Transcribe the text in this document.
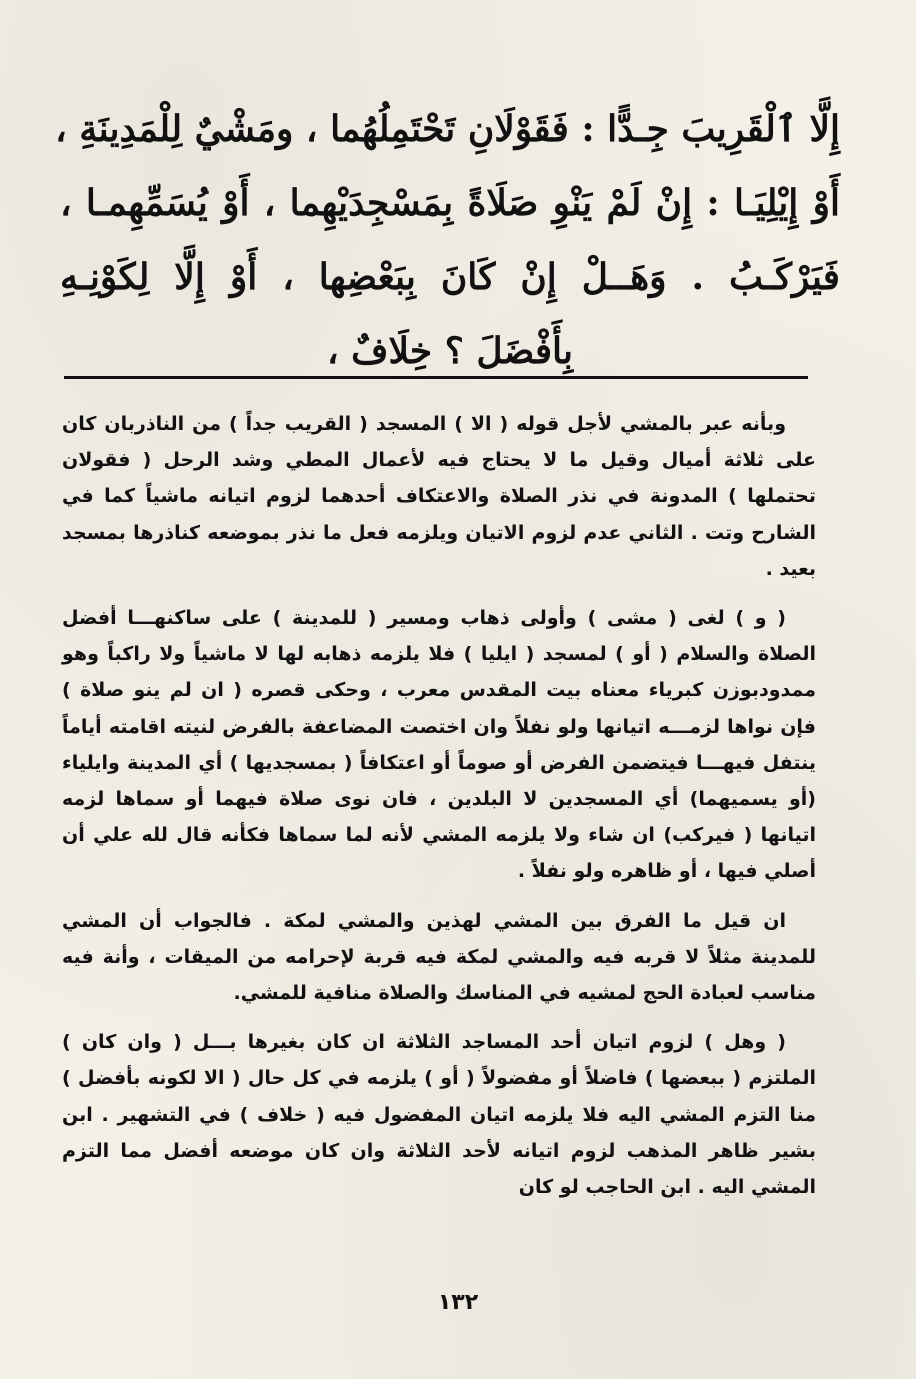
إِلَّا ٱلْقَرِيبَ جِـدًّا : فَقَوْلَانِ تَحْتَمِلُهُما ، ومَشْيٌ لِلْمَدِينَةِ ،
أَوْ إِيْلِيَـا : إِنْ لَمْ يَنْوِ صَلَاةً بِمَسْجِدَيْهِما ، أَوْ يُسَمِّهِمـا ،
فَيَرْكَـبُ . وَهَــلْ إِنْ كَانَ بِبَعْضِها ، أَوْ إِلَّا لِكَوْنِـهِ
بِأَفْضَلَ ؟ خِلَافٌ ،

وبأنه عبر بالمشي لأجل قوله ( الا ) المسجد ( القريب جداً ) من الناذربان كان على ثلاثة أميال وقيل ما لا يحتاج فيه لأعمال المطي وشد الرحل ( فقولان تحتملها ) المدونة في نذر الصلاة والاعتكاف أحدهما لزوم اتيانه ماشياً كما في الشارح وتت . الثاني عدم لزوم الاتيان ويلزمه فعل ما نذر بموضعه كناذرها بمسجد بعيد .

( و ) لغى ( مشى ) وأولى ذهاب ومسير ( للمدينة ) على ساكنهـــا أفضل الصلاة والسلام ( أو ) لمسجد ( ايليا ) فلا يلزمه ذهابه لها لا ماشياً ولا راكباً وهو ممدودبوزن كبرياء معناه بيت المقدس معرب ، وحكى قصره ( ان لم ينو صلاة ) فإن نواها لزمـــه اتيانها ولو نفلاً وان اختصت المضاعفة بالفرض لنيته اقامته أياماً ينتفل فيهـــا فيتضمن الفرض أو صوماً أو اعتكافاً ( بمسجديها ) أي المدينة وايلياء (أو يسميهما) أي المسجدين لا البلدين ، فان نوى صلاة فيهما أو سماها لزمه اتيانها ( فيركب) ان شاء ولا يلزمه المشي لأنه لما سماها فكأنه قال لله علي أن أصلي فيها ، أو ظاهره ولو نفلاً .

ان قيل ما الفرق بين المشي لهذين والمشي لمكة . فالجواب أن المشي للمدينة مثلاً لا قربه فيه والمشي لمكة فيه قربة لإحرامه من الميقات ، وأنة فيه مناسب لعبادة الحج لمشيه في المناسك والصلاة منافية للمشي.

( وهل ) لزوم اتيان أحد المساجد الثلاثة ان كان بغيرها بـــل ( وان كان ) الملتزم ( ببعضها ) فاضلاً أو مفضولاً ( أو ) يلزمه في كل حال ( الا لكونه بأفضل ) منا التزم المشي اليه فلا يلزمه اتيان المفضول فيه ( خلاف ) في التشهير . ابن بشير ظاهر المذهب لزوم اتيانه لأحد الثلاثة وان كان موضعه أفضل مما التزم المشي اليه . ابن الحاجب لو كان

١٣٢
